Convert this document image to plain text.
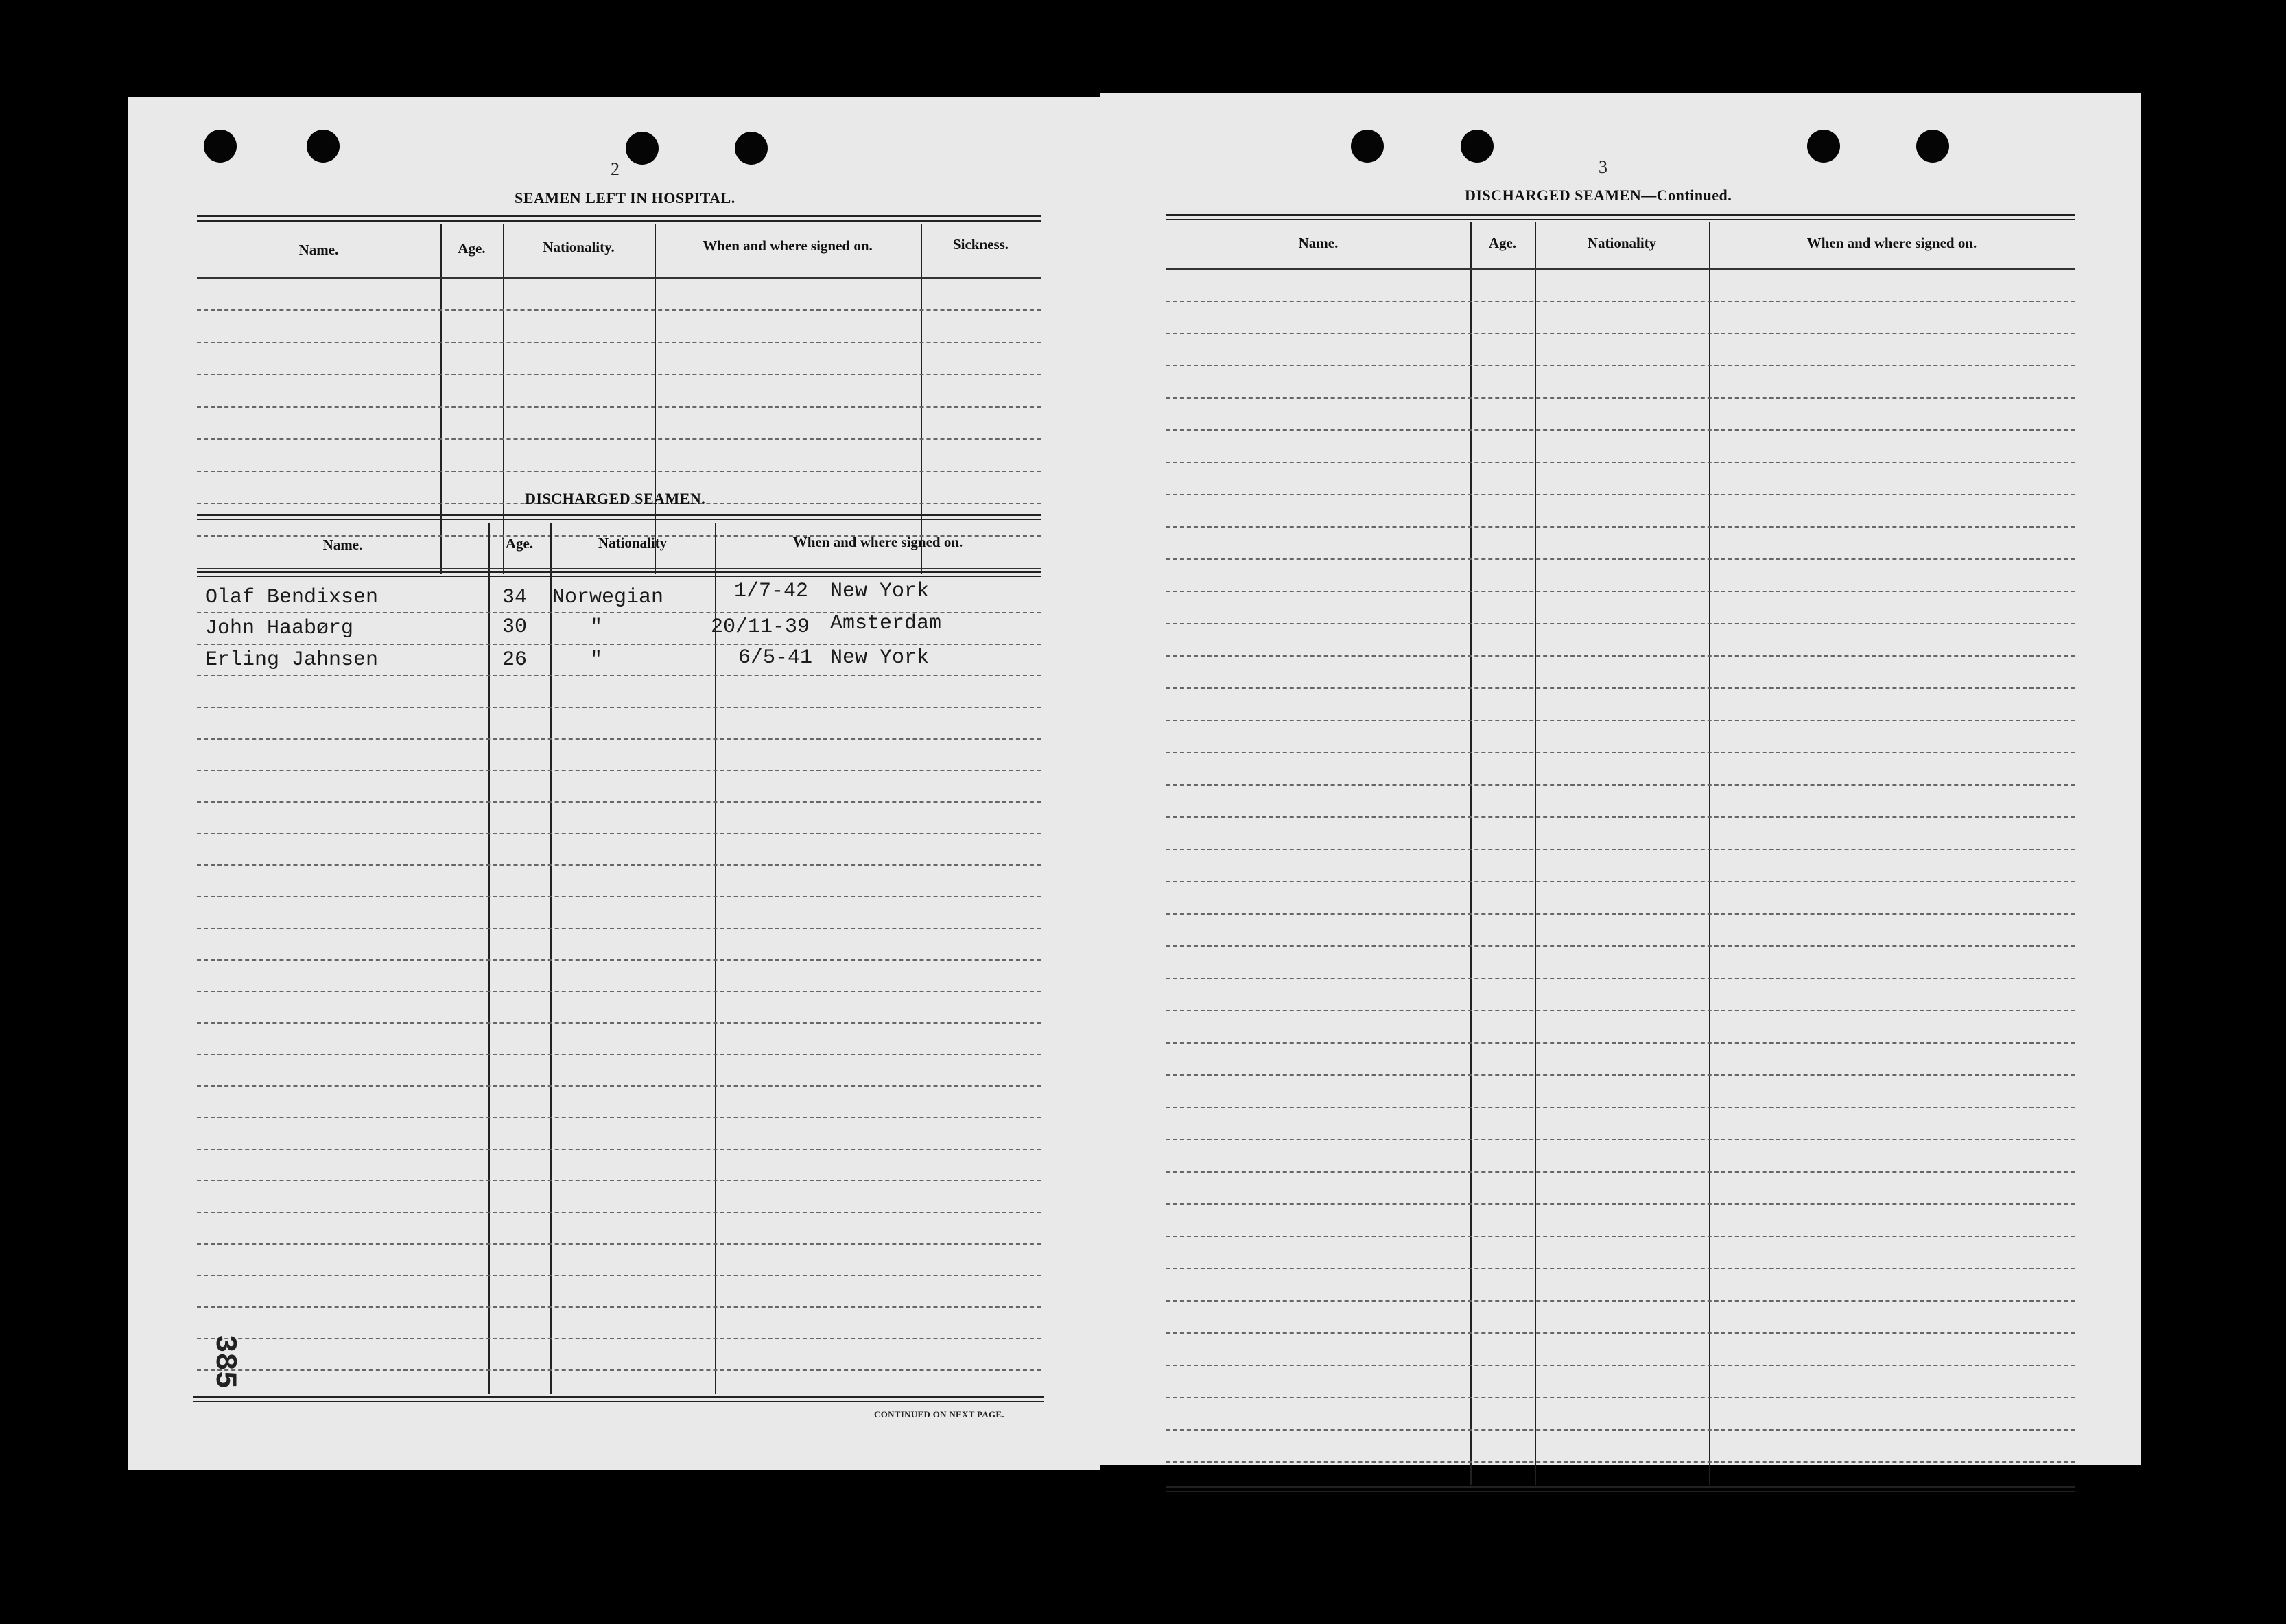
2
SEAMEN LEFT IN HOSPITAL.
Name.	Age.	Nationality.	When and where signed on.	Sickness.
DISCHARGED SEAMEN.
Name.	Age.	Nationality	When and where signed on.
Olaf Bendixsen	34 Norwegian	1/7-42 New York
John Haabørg	30	"	20/11-39 Amsterdam
Erling Jahnsen	26	"	6/5-41 New York
CONTINUED ON NEXT PAGE.
385
3
DISCHARGED SEAMEN—Continued.
Name.	Age.	Nationality	When and where signed on.
